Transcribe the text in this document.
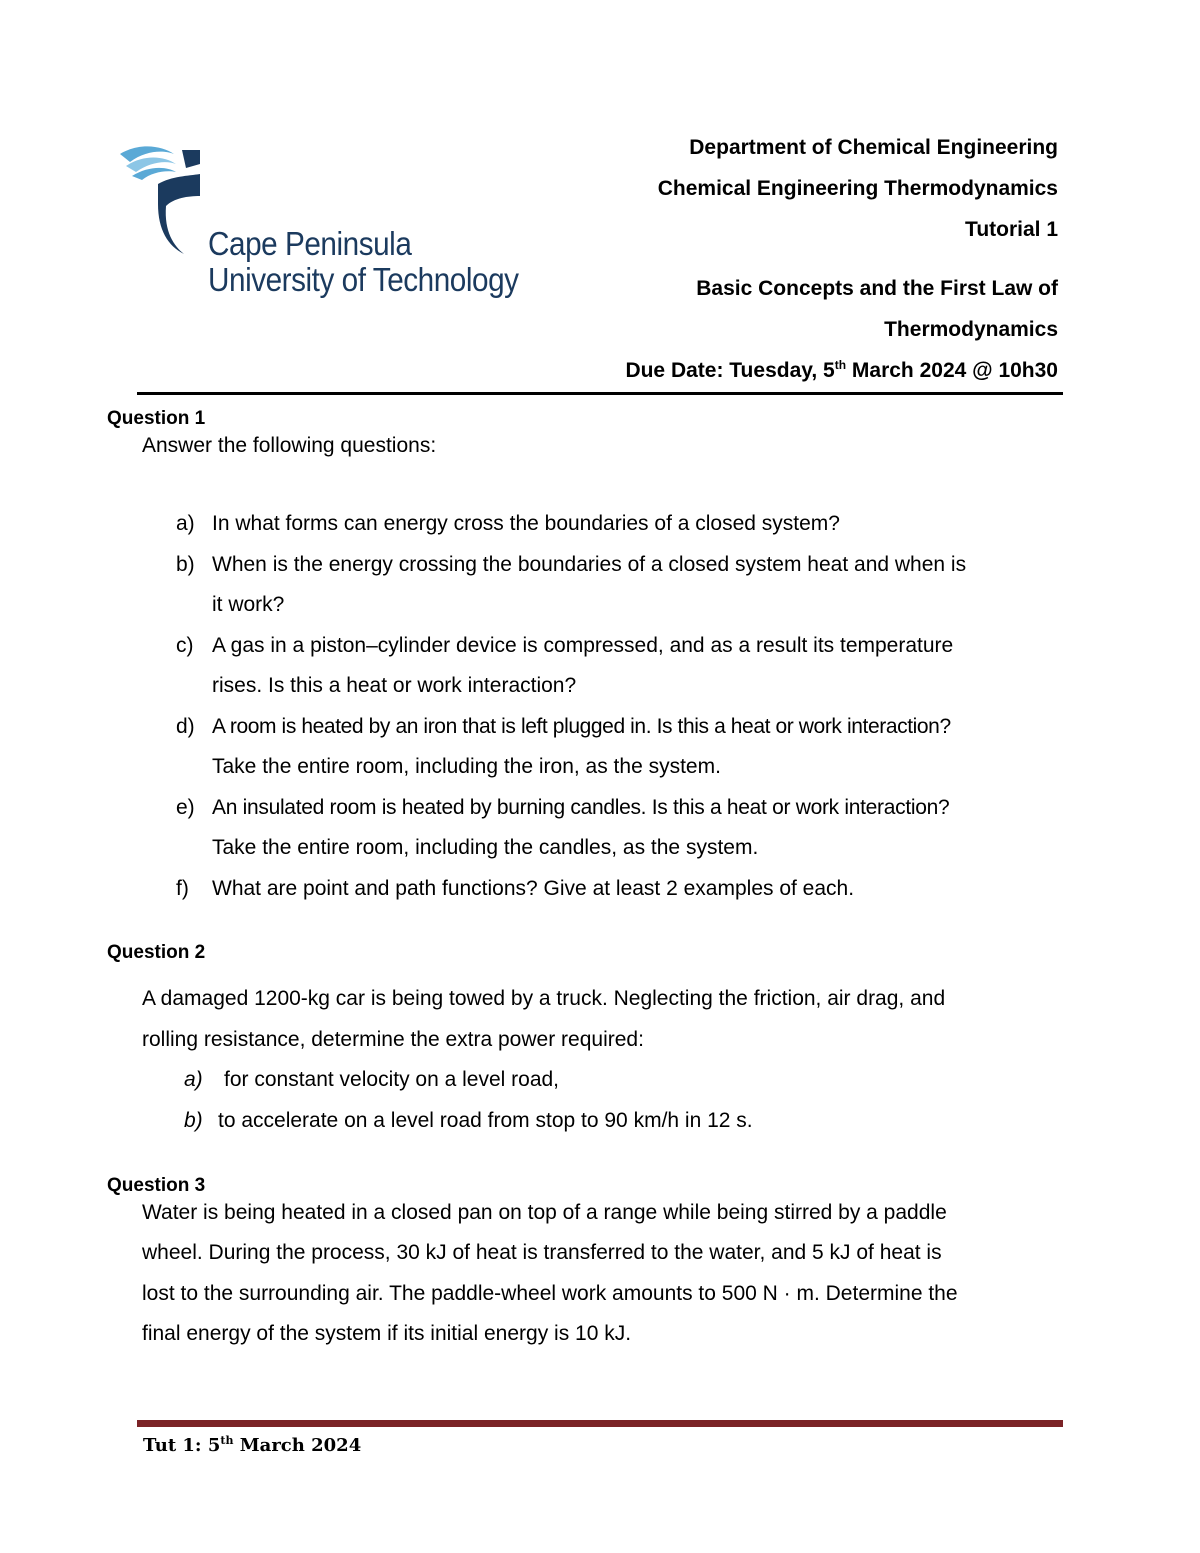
Cape Peninsula
University of Technology
Department of Chemical Engineering
Chemical Engineering Thermodynamics
Tutorial 1
Basic Concepts and the First Law of
Thermodynamics
Due Date: Tuesday, 5th March 2024 @ 10h30
Question 1
Answer the following questions:
a) In what forms can energy cross the boundaries of a closed system?
b) When is the energy crossing the boundaries of a closed system heat and when is
it work?
c) A gas in a piston–cylinder device is compressed, and as a result its temperature
rises. Is this a heat or work interaction?
d) A room is heated by an iron that is left plugged in. Is this a heat or work interaction?
Take the entire room, including the iron, as the system.
e) An insulated room is heated by burning candles. Is this a heat or work interaction?
Take the entire room, including the candles, as the system.
f) What are point and path functions? Give at least 2 examples of each.
Question 2
A damaged 1200-kg car is being towed by a truck. Neglecting the friction, air drag, and
rolling resistance, determine the extra power required:
a) for constant velocity on a level road,
b) to accelerate on a level road from stop to 90 km/h in 12 s.
Question 3
Water is being heated in a closed pan on top of a range while being stirred by a paddle
wheel. During the process, 30 kJ of heat is transferred to the water, and 5 kJ of heat is
lost to the surrounding air. The paddle-wheel work amounts to 500 N · m. Determine the
final energy of the system if its initial energy is 10 kJ.
Tut 1: 5th March 2024
